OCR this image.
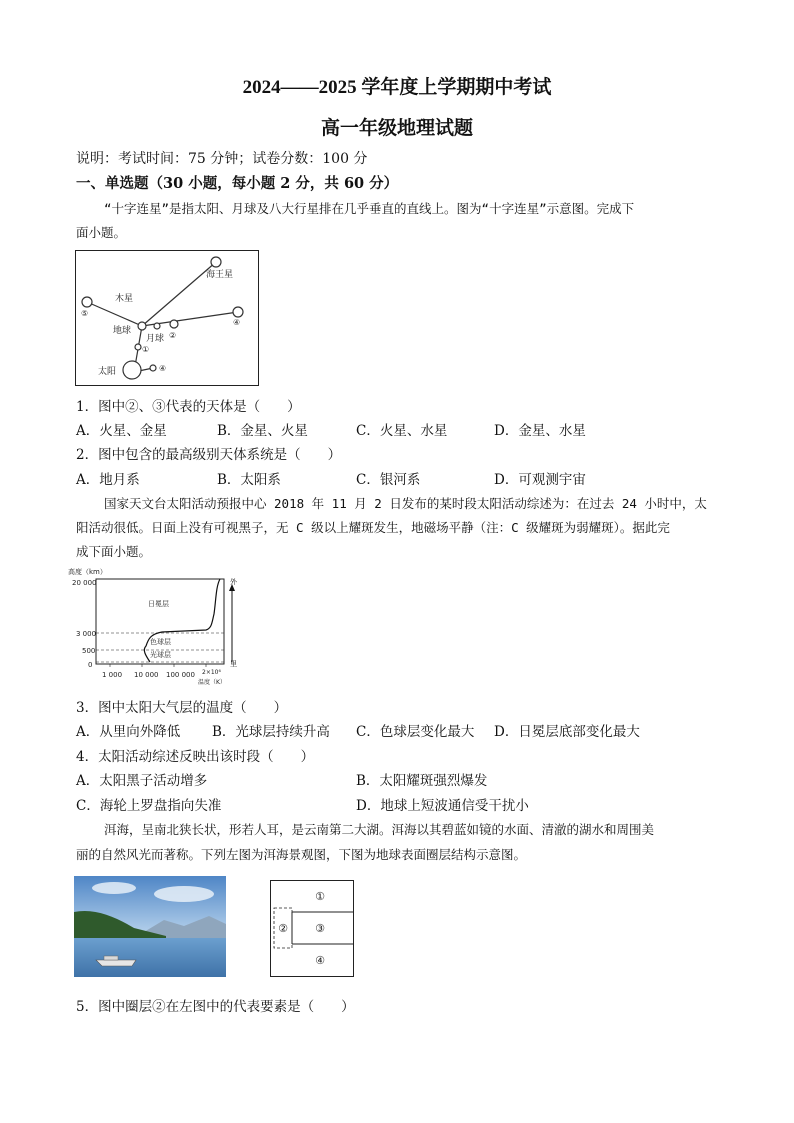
2024——2025 学年度上学期期中考试
高一年级地理试题
说明：考试时间：75 分钟；试卷分数：100 分
一、单选题（30 小题，每小题 2 分，共 60 分）
“十字连星”是指太阳、月球及八大行星排在几乎垂直的直线上。图为“十字连星”示意图。完成下
面小题。
海王星
木星
地球
月球
太阳
①
②
④
④
⑤
1．图中②、③代表的天体是（　　）
A．火星、金星	B．金星、火星	C．火星、水星	D．金星、水星
2．图中包含的最高级别天体系统是（　　）
A．地月系	B．太阳系	C．银河系	D．可观测宇宙
国家天文台太阳活动预报中心 2018 年 11 月 2 日发布的某时段太阳活动综述为：在过去 24 小时中，太
阳活动很低。日面上没有可视黑子，无 C 级以上耀斑发生，地磁场平静（注：C 级耀斑为弱耀斑）。据此完
成下面小题。
高度（km）
20 000
3 000
500
0
1 000 10 000 100 000 2×10⁶
温度（K）
日冕层
色球层
光球层
外
里
3．图中太阳大气层的温度（　　）
A．从里向外降低 B．光球层持续升高 C．色球层变化最大 D．日冕层底部变化最大
4．太阳活动综述反映出该时段（　　）
A．太阳黑子活动增多	B．太阳耀斑强烈爆发
C．海轮上罗盘指向失准	D．地球上短波通信受干扰小
洱海，呈南北狭长状，形若人耳，是云南第二大湖。洱海以其碧蓝如镜的水面、清澈的湖水和周围美
丽的自然风光而著称。下列左图为洱海景观图，下图为地球表面圈层结构示意图。
①
② ③
④
5．图中圈层②在左图中的代表要素是（　　）
